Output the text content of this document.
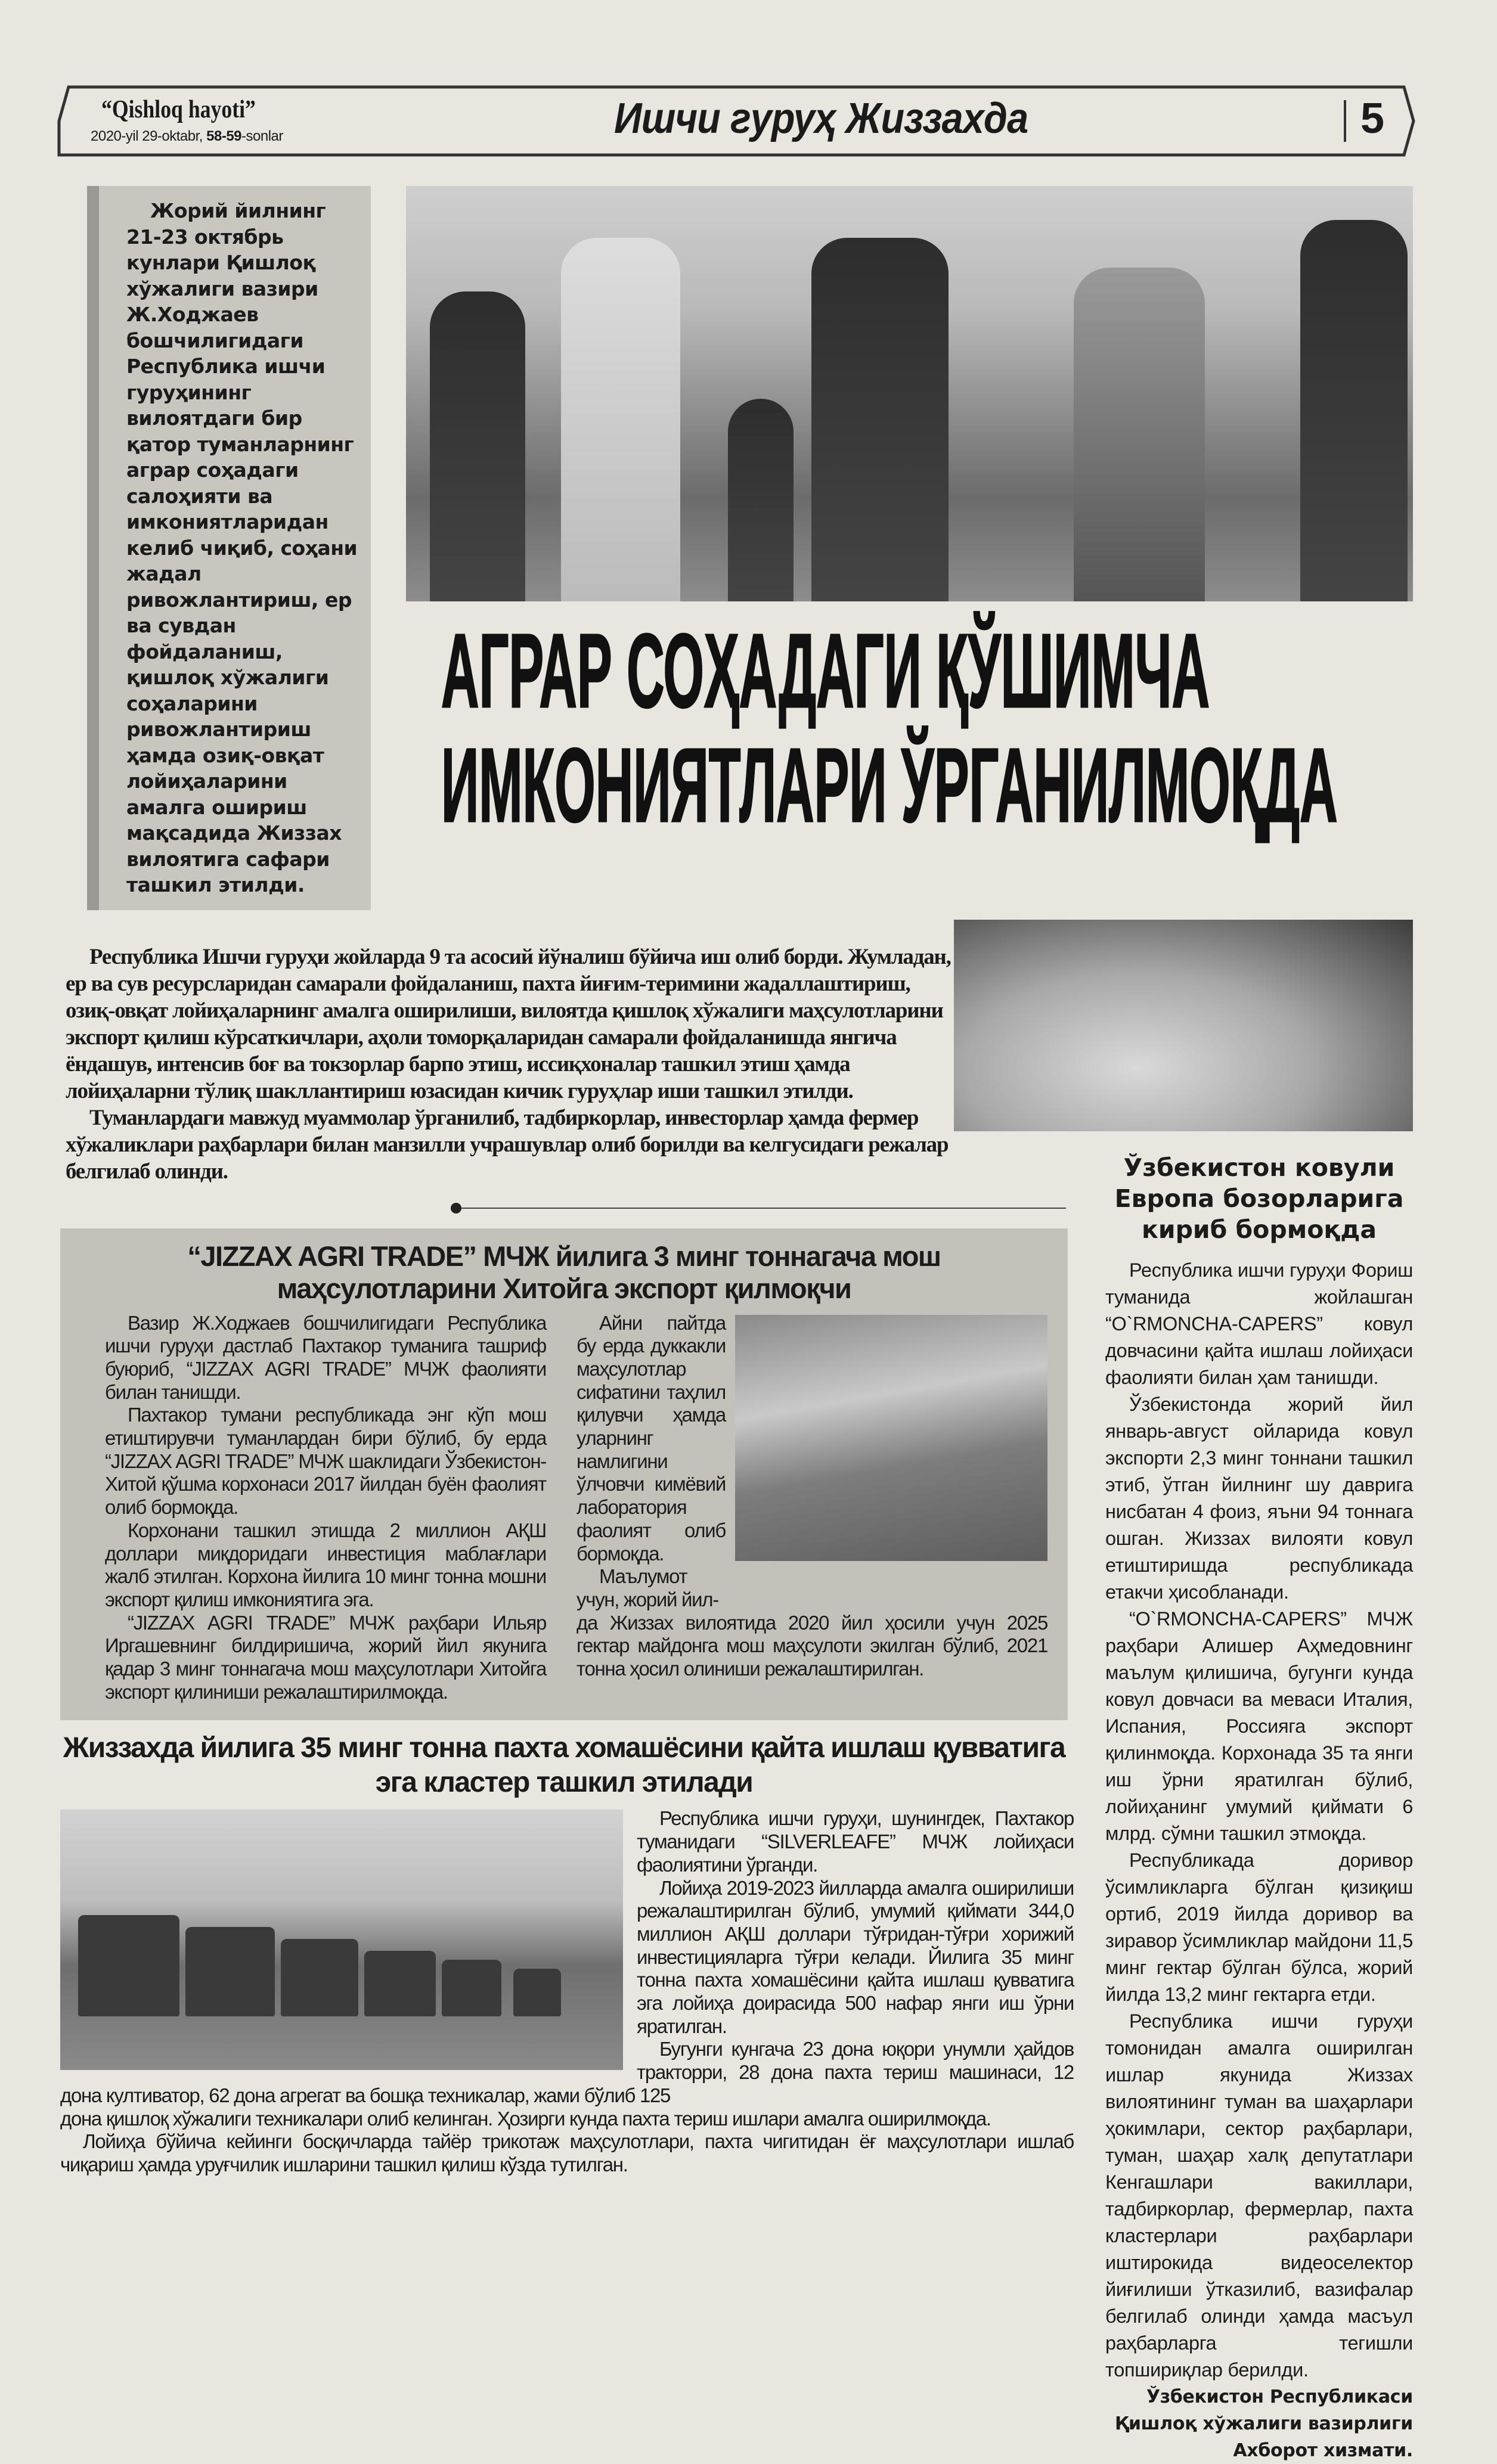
“Qishloq hayoti”
2020-yil 29-oktabr, 58-59-sonlar	Ишчи гуруҳ Жиззахда	5

Жорий йилнинг 21-23 октябрь кунлари Қишлоқ хўжалиги вазири Ж.Ходжаев бошчилигидаги Республика ишчи гуруҳининг вилоятдаги бир қатор туманларнинг аграр соҳадаги салоҳияти ва имкониятларидан келиб чиқиб, соҳани жадал ривожлантириш, ер ва сувдан фойдаланиш, қишлоқ хўжалиги соҳаларини ривожлантириш ҳамда озиқ-овқат лойиҳаларини амалга ошириш мақсадида Жиззах вилоятига сафари ташкил этилди.

АГРАР СОҲАДАГИ ҚЎШИМЧА
ИМКОНИЯТЛАРИ ЎРГАНИЛМОҚДА

Республика Ишчи гуруҳи жойларда 9 та асосий йўналиш бўйича иш олиб борди. Жумладан, ер ва сув ресурсларидан самарали фойдаланиш, пахта йиғим-теримини жадаллаштириш, озиқ-овқат лойиҳаларнинг амалга оширилиши, вилоятда қишлоқ хўжалиги маҳсулотларини экспорт қилиш кўрсаткичлари, аҳоли томорқаларидан самарали фойдаланишда янгича ёндашув, интенсив боғ ва токзорлар барпо этиш, иссиқхоналар ташкил этиш ҳамда лойиҳаларни тўлиқ шакллантириш юзасидан кичик гуруҳлар иши ташкил этилди.

Туманлардаги мавжуд муаммолар ўрганилиб, тадбиркорлар, инвесторлар ҳамда фермер хўжаликлари раҳбарлари билан манзилли учрашувлар олиб борилди ва келгусидаги режалар белгилаб олинди.

“JIZZAX AGRI TRADE” МЧЖ йилига 3 минг тоннагача мош маҳсулотларини Хитойга экспорт қилмоқчи

Вазир Ж.Ходжаев бошчилигидаги Республика ишчи гуруҳи дастлаб Пахтакор туманига ташриф буюриб, “JIZZAX AGRI TRADE” МЧЖ фаолияти билан танишди.

Пахтакор тумани республикада энг кўп мош етиштирувчи туманлардан бири бўлиб, бу ерда “JIZZAX AGRI TRADE” МЧЖ шаклидаги Ўзбекистон-Хитой қўшма корхонаси 2017 йилдан буён фаолият олиб бормоқда.

Корхонани ташкил этишда 2 миллион АҚШ доллари миқдоридаги инвестиция маблағлари жалб этилган. Корхона йилига 10 минг тонна мошни экспорт қилиш имкониятига эга.

“JIZZAX AGRI TRADE” МЧЖ раҳбари Ильяр Иргашевнинг билдиришича, жорий йил якунига қадар 3 минг тоннагача мош маҳсулотлари Хитойга экспорт қилиниши режалаштирилмоқда.

Айни пайтда бу ерда дуккакли маҳсулотлар сифатини таҳлил қилувчи ҳамда уларнинг намлигини ўлчовчи кимёвий лаборатория фаолият олиб бормоқда.

Маълумот учун, жорий йил-

да Жиззах вилоятида 2020 йил ҳосили учун 2025 гектар майдонга мош маҳсулоти экилган бўлиб, 2021 тонна ҳосил олиниши режалаштирилган.

Жиззахда йилига 35 минг тонна пахта хомашёсини қайта ишлаш қувватига эга кластер ташкил этилади

Республика ишчи гуруҳи, шунингдек, Пахтакор туманидаги “SILVERLEAFE” МЧЖ лойиҳаси фаолиятини ўрганди.

Лойиҳа 2019-2023 йилларда амалга оширилиши режалаштирилган бўлиб, умумий қиймати 344,0 миллион АҚШ доллари тўғридан-тўғри хорижий инвестицияларга тўғри келади. Йилига 35 минг тонна пахта хомашёсини қайта ишлаш қувватига эга лойиҳа доирасида 500 нафар янги иш ўрни яратилган.

Бугунги кунгача 23 дона юқори унумли ҳайдов тракторри, 28 дона пахта териш машинаси, 12 дона култиватор, 62 дона агрегат ва бошқа техникалар, жами бўлиб 125

дона қишлоқ хўжалиги техникалари олиб келинган. Ҳозирги кунда пахта териш ишлари амалга оширилмоқда.

Лойиҳа бўйича кейинги босқичларда тайёр трикотаж маҳсулотлари, пахта чигитидан ёғ маҳсулотлари ишлаб чиқариш ҳамда уруғчилик ишларини ташкил қилиш кўзда тутилган.

Ўзбекистон ковули Европа бозорларига кириб бормоқда

Республика ишчи гуруҳи Фориш туманида жойлашган “O`RMONCHA-CAPERS” ковул довчасини қайта ишлаш лойиҳаси фаолияти билан ҳам танишди.

Ўзбекистонда жорий йил январь-август ойларида ковул экспорти 2,3 минг тоннани ташкил этиб, ўтган йилнинг шу даврига нисбатан 4 фоиз, яъни 94 тоннага ошган. Жиззах вилояти ковул етиштиришда республикада етакчи ҳисобланади.

“O`RMONCHA-CAPERS” МЧЖ раҳбари Алишер Аҳмедовнинг маълум қилишича, бугунги кунда ковул довчаси ва меваси Италия, Испания, Россияга экспорт қилинмоқда. Корхонада 35 та янги иш ўрни яратилган бўлиб, лойиҳанинг умумий қиймати 6 млрд. сўмни ташкил этмоқда.

Республикада доривор ўсимликларга бўлган қизиқиш ортиб, 2019 йилда доривор ва зиравор ўсимликлар майдони 11,5 минг гектар бўлган бўлса, жорий йилда 13,2 минг гектарга етди.

Республика ишчи гуруҳи томонидан амалга оширилган ишлар якунида Жиззах вилоятининг туман ва шаҳарлари ҳокимлари, сектор раҳбарлари, туман, шаҳар халқ депутатлари Кенгашлари вакиллари, тадбиркорлар, фермерлар, пахта кластерлари раҳбарлари иштирокида видеоселектор йиғилиши ўтказилиб, вазифалар белгилаб олинди ҳамда масъул раҳбарларга тегишли топшириқлар берилди.

Ўзбекистон Республикаси
Қишлоқ хўжалиги вазирлиги
Ахборот хизмати.
